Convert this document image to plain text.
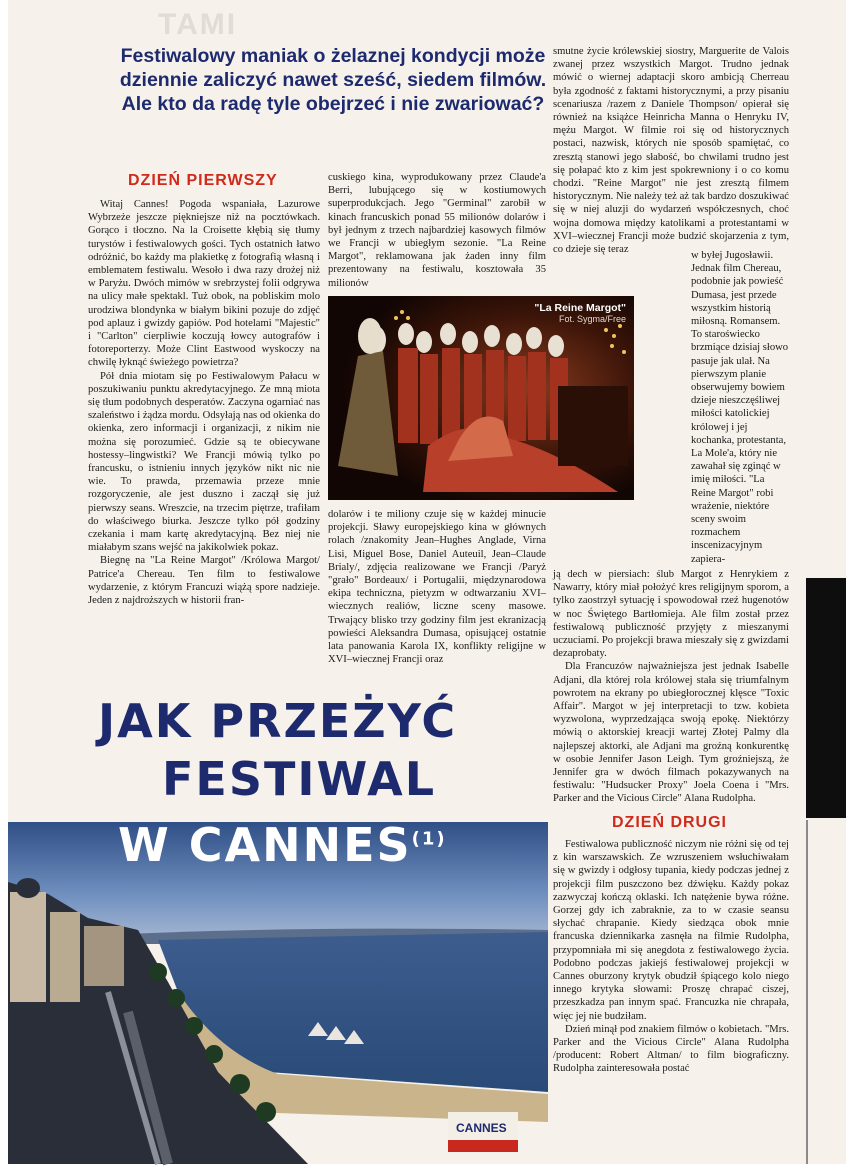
TAMI
Festiwalowy maniak o żelaznej kondycji może dziennie zaliczyć nawet sześć, siedem filmów. Ale kto da radę tyle obejrzeć i nie zwariować?
DZIEŃ PIERWSZY

Witaj Cannes! Pogoda wspaniała, Lazurowe Wybrzeże jeszcze piękniejsze niż na pocztówkach. Gorąco i tłoczno. Na la Croisette kłębią się tłumy turystów i festiwalowych gości. Tych ostatnich łatwo odróżnić, bo każdy ma plakietkę z fotografią własną i emblematem festiwalu. Wesoło i dwa razy drożej niż w Paryżu. Dwóch mimów w srebrzystej folii odgrywa na ulicy małe spektakl. Tuż obok, na pobliskim molo urodziwa blondynka w białym bikini pozuje do zdjęć pod aplauz i gwizdy gapiów. Pod hotelami "Majestic" i "Carlton" cierpliwie koczują łowcy autografów i fotoreporterzy. Może Clint Eastwood wyskoczy na chwilę łyknąć świeżego powietrza?

Pół dnia miotam się po Festiwalowym Pałacu w poszukiwaniu punktu akredytacyjnego. Ze mną miota się tłum podobnych desperatów. Zaczyna ogarniać nas szaleństwo i żądza mordu. Odsyłają nas od okienka do okienka, zero informacji i organizacji, z nikim nie można się porozumieć. Gdzie są te obiecywane hostessy–lingwistki? We Francji mówią tylko po francusku, o istnieniu innych języków nikt nic nie wie. To prawda, przemawia przeze mnie rozgoryczenie, ale jest duszno i zaczął się już pierwszy seans. Wreszcie, na trzecim piętrze, trafiłam do właściwego biurka. Jeszcze tylko pół godziny czekania i mam kartę akredytacyjną. Bez niej nie miałabym szans wejść na jakikolwiek pokaz.

Biegnę na "La Reine Margot" /Królowa Margot/ Patrice'a Chereau. Ten film to festiwalowe wydarzenie, z którym Francuzi wiążą spore nadzieje. Jeden z najdroższych w historii fran-

cuskiego kina, wyprodukowany przez Claude'a Berri, lubującego się w kostiumowych superprodukcjach. Jego "Germinal" zarobił w kinach francuskich ponad 55 milionów dolarów i był jednym z trzech najbardziej kasowych filmów we Francji w ubiegłym sezonie. "La Reine Margot", reklamowana jak żaden inny film prezentowany na festiwalu, kosztowała 35 milionów

"La Reine Margot"
Fot. Sygma/Free

dolarów i te miliony czuje się w każdej minucie projekcji. Sławy europejskiego kina w głównych rolach /znakomity Jean–Hughes Anglade, Virna Lisi, Miguel Bose, Daniel Auteuil, Jean–Claude Brialy/, zdjęcia realizowane we Francji /Paryż "grało" Bordeaux/ i Portugalii, międzynarodowa ekipa techniczna, pietyzm w odtwarzaniu XVI–wiecznych realiów, liczne sceny masowe. Trwający blisko trzy godziny film jest ekranizacją powieści Aleksandra Dumasa, opisującej ostatnie lata panowania Karola IX, konflikty religijne w XVI–wiecznej Francji oraz

smutne życie królewskiej siostry, Marguerite de Valois zwanej przez wszystkich Margot. Trudno jednak mówić o wiernej adaptacji skoro ambicją Cherreau była zgodność z faktami historycznymi, a przy pisaniu scenariusza /razem z Daniele Thompson/ opierał się również na książce Heinricha Manna o Henryku IV, mężu Margot. W filmie roi się od historycznych postaci, nazwisk, których nie sposób spamiętać, co zresztą stanowi jego słabość, bo chwilami trudno jest się połapać kto z kim jest spokrewniony i o co komu chodzi. "Reine Margot" nie jest zresztą filmem historycznym. Nie należy też aż tak bardzo doszukiwać się w niej aluzji do wydarzeń współczesnych, choć wojna domowa między katolikami a protestantami w XVI–wiecznej Francji może budzić skojarzenia z tym, co dzieje się teraz

w byłej Jugosławii. Jednak film Chereau, podobnie jak powieść Dumasa, jest przede wszystkim historią miłosną. Romansem. To staroświecko brzmiące dzisiaj słowo pasuje jak ulał. Na pierwszym planie obserwujemy bowiem dzieje nieszczęśliwej miłości katolickiej królowej i jej kochanka, protestanta, La Mole'a, który nie zawahał się zginąć w imię miłości. "La Reine Margot" robi wrażenie, niektóre sceny swoim rozmachem inscenizacyjnym zapiera-

ją dech w piersiach: ślub Margot z Henrykiem z Nawarry, który miał położyć kres religijnym sporom, a tylko zaostrzył sytuację i spowodował rzeź hugenotów w noc Świętego Bartłomieja. Ale film został przez festiwalową publiczność przyjęty z mieszanymi uczuciami. Po projekcji brawa mieszały się z gwizdami dezaprobaty.

Dla Francuzów najważniejsza jest jednak Isabelle Adjani, dla której rola królowej stała się triumfalnym powrotem na ekrany po ubiegłorocznej klęsce "Toxic Affair". Margot w jej interpretacji to tzw. kobieta wyzwolona, wyprzedzająca swoją epokę. Niektórzy mówią o aktorskiej kreacji wartej Złotej Palmy dla najlepszej aktorki, ale Adjani ma groźną konkurentkę w osobie Jennifer Jason Leigh. Tym groźniejszą, że Jennifer gra w dwóch filmach pokazywanych na festiwalu: "Hudsucker Proxy" Joela Coena i "Mrs. Parker and the Vicious Circle" Alana Rudolpha.

DZIEŃ DRUGI

Festiwalowa publiczność niczym nie różni się od tej z kin warszawskich. Ze wzruszeniem wsłuchiwałam się w gwizdy i odgłosy tupania, kiedy podczas jednej z projekcji film puszczono bez dźwięku. Każdy pokaz zazwyczaj kończą oklaski. Ich natężenie bywa różne. Gorzej gdy ich zabraknie, za to w czasie seansu słychać chrapanie. Kiedy siedząca obok mnie francuska dziennikarka zasnęła na filmie Rudolpha, przypomniała mi się anegdota z festiwalowego życia. Podobno podczas jakiejś festiwalowej projekcji w Cannes oburzony krytyk obudził śpiącego kolo niego innego krytyka słowami: Proszę chrapać ciszej, przeszkadza pan innym spać. Francuzka nie chrapała, więc jej nie budziłam.

Dzień minął pod znakiem filmów o kobietach. "Mrs. Parker and the Vicious Circle" Alana Rudolpha /producent: Robert Altman/ to film biograficzny. Rudolpha zainteresowała postać

JAK PRZEŻYĆ
FESTIWAL
CANNES
W CANNES$^{(1)}$
